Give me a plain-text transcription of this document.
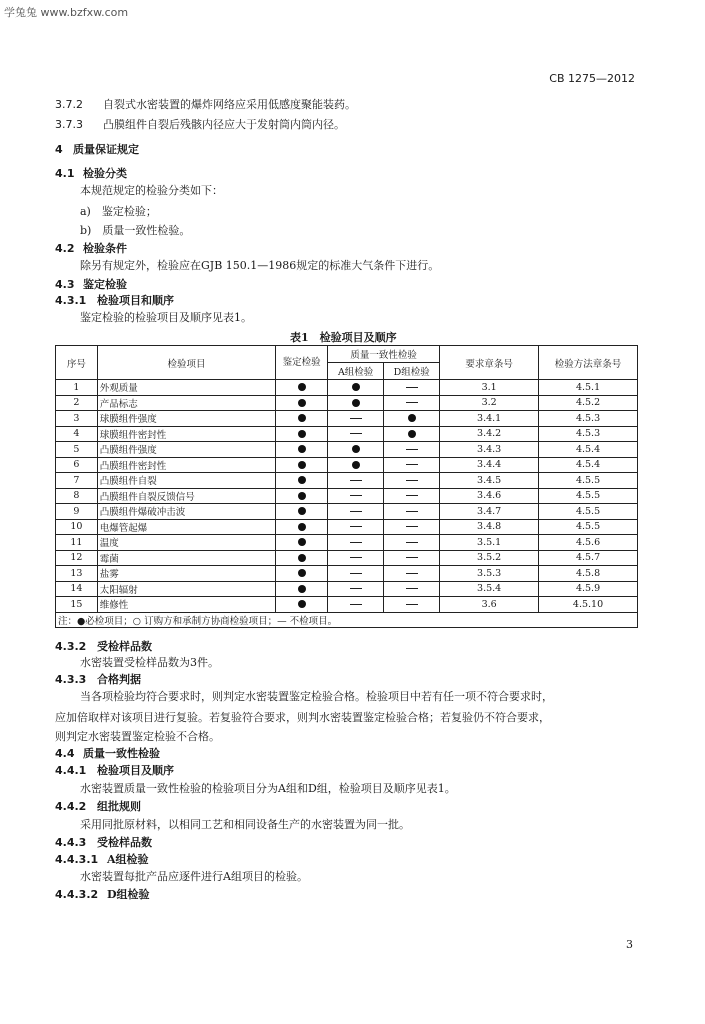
学兔兔 www.bzfxw.com
CB 1275—2012
3.7.2 自裂式水密装置的爆炸网络应采用低感度聚能装药。
3.7.3 凸膜组件自裂后残骸内径应大于发射筒内筒内径。
4 质量保证规定
4.1 检验分类
本规范规定的检验分类如下：
a)　鉴定检验；
b)　质量一致性检验。
4.2 检验条件
除另有规定外，检验应在GJB 150.1—1986规定的标准大气条件下进行。
4.3 鉴定检验
4.3.1 检验项目和顺序
鉴定检验的检验项目及顺序见表1。
表1　检验项目及顺序
序号	检验项目	鉴定检验	质量一致性检验		要求章条号	检验方法章条号
			A组检验	D组检验		
1	外观质量				3.1	4.5.1
2	产品标志				3.2	4.5.2
3	球膜组件强度				3.4.1	4.5.3
4	球膜组件密封性				3.4.2	4.5.3
5	凸膜组件强度				3.4.3	4.5.4
6	凸膜组件密封性				3.4.4	4.5.4
7	凸膜组件自裂				3.4.5	4.5.5
8	凸膜组件自裂反馈信号				3.4.6	4.5.5
9	凸膜组件爆破冲击波				3.4.7	4.5.5
10	电爆管起爆				3.4.8	4.5.5
11	温度				3.5.1	4.5.6
12	霉菌				3.5.2	4.5.7
13	盐雾				3.5.3	4.5.8
14	太阳辐射				3.5.4	4.5.9
15	维修性				3.6	4.5.10
注：●必检项目；○ 订购方和承制方协商检验项目；— 不检项目。						
4.3.2 受检样品数
水密装置受检样品数为3件。
4.3.3 合格判据
当各项检验均符合要求时，则判定水密装置鉴定检验合格。检验项目中若有任一项不符合要求时，
应加倍取样对该项目进行复验。若复验符合要求，则判水密装置鉴定检验合格；若复验仍不符合要求，
则判定水密装置鉴定检验不合格。
4.4 质量一致性检验
4.4.1 检验项目及顺序
水密装置质量一致性检验的检验项目分为A组和D组，检验项目及顺序见表1。
4.4.2 组批规则
采用同批原材料，以相同工艺和相同设备生产的水密装置为同一批。
4.4.3 受检样品数
4.4.3.1 A组检验
水密装置每批产品应逐件进行A组项目的检验。
4.4.3.2 D组检验
3
